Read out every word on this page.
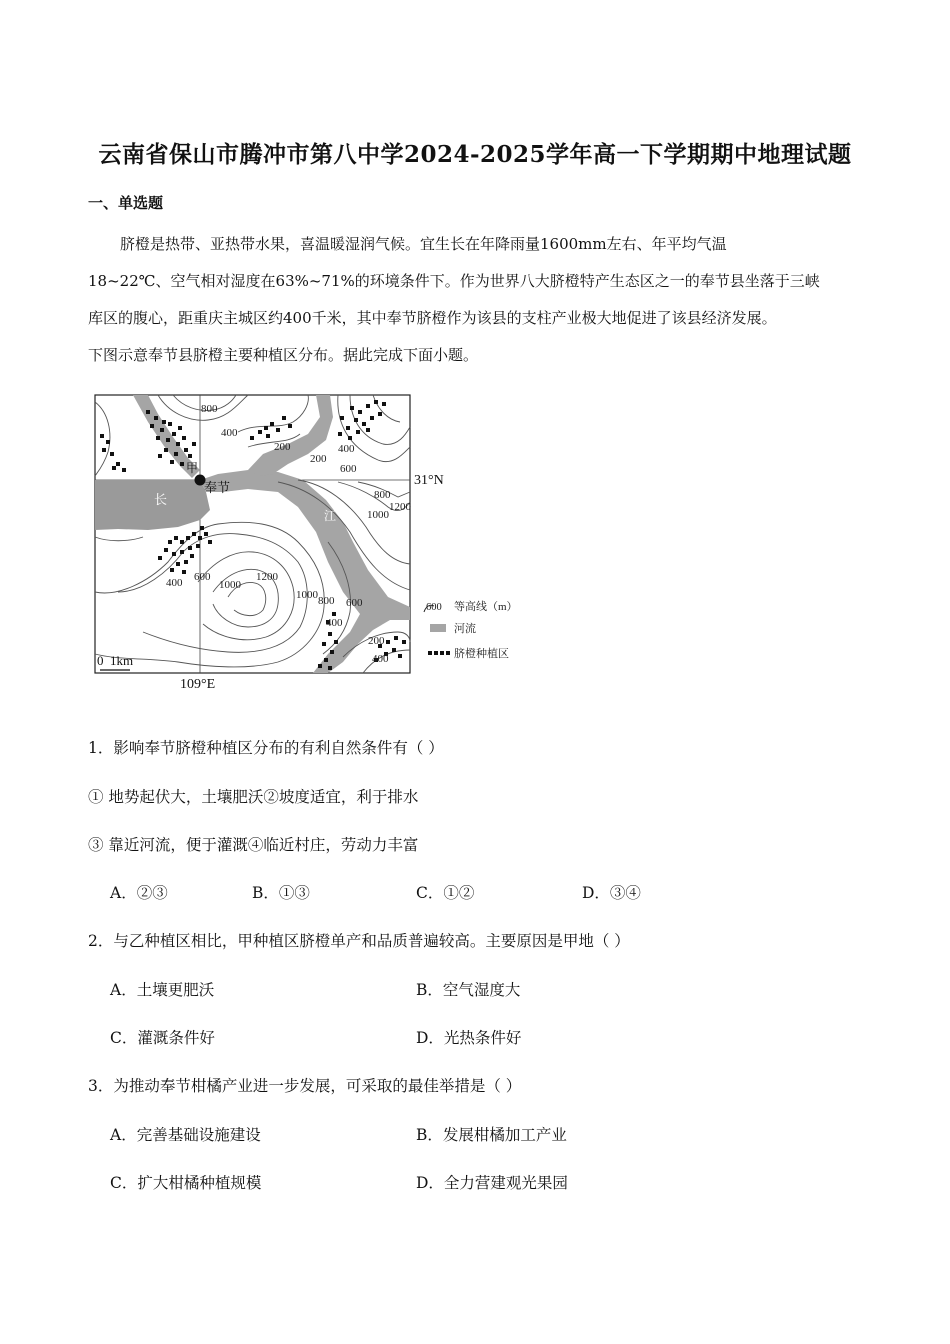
云南省保山市腾冲市第八中学2024-2025学年高一下学期期中地理试题
一、单选题

脐橙是热带、亚热带水果，喜温暖湿润气候。宜生长在年降雨量1600mm左右、年平均气温

18~22℃、空气相对湿度在63%~71%的环境条件下。作为世界八大脐橙特产生态区之一的奉节县坐落于三峡

库区的腹心，距重庆主城区约400千米，其中奉节脐橙作为该县的支柱产业极大地促进了该县经济发展。

下图示意奉节县脐橙主要种植区分布。据此完成下面小题。

800
400
200
200
400
600
800
1000
1200
400 600
1000
1200
1000 800 600
400
200
400
甲
奉节
长
江
31°N
109°E
0  1km
600 等高线（m）
河流
脐橙种植区
1．影响奉节脐橙种植区分布的有利自然条件有（ ）
① 地势起伏大，土壤肥沃②坡度适宜，利于排水
③ 靠近河流，便于灌溉④临近村庄，劳动力丰富
A．②③	B．①③	C．①②	D．③④
2．与乙种植区相比，甲种植区脐橙单产和品质普遍较高。主要原因是甲地（ ）
A．土壤更肥沃	B．空气湿度大
C．灌溉条件好	D．光热条件好
3．为推动奉节柑橘产业进一步发展，可采取的最佳举措是（ ）
A．完善基础设施建设	B．发展柑橘加工产业
C．扩大柑橘种植规模	D．全力营建观光果园
